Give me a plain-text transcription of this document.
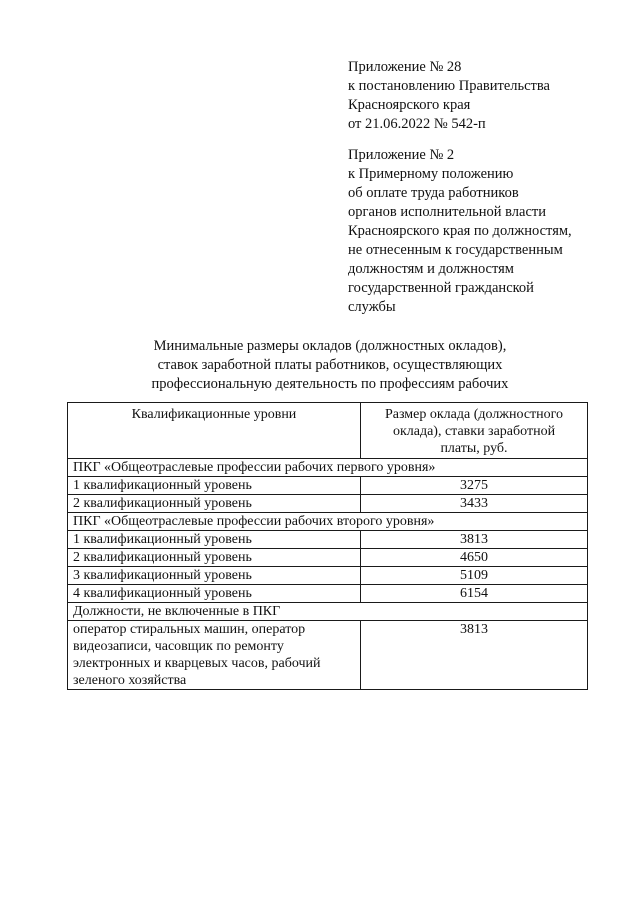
Приложение № 28
к постановлению Правительства
Красноярского края
от 21.06.2022 № 542-п
Приложение № 2
к Примерному положению
об оплате труда работников
органов исполнительной власти
Красноярского края по должностям,
не отнесенным к государственным
должностям и должностям
государственной гражданской
службы
Минимальные размеры окладов (должностных окладов),
ставок заработной платы работников, осуществляющих
профессиональную деятельность по профессиям рабочих
Квалификационные уровни	Размер оклада (должностного
оклада), ставки заработной
платы, руб.

ПКГ «Общеотраслевые профессии рабочих первого уровня»	
1 квалификационный уровень	3275
2 квалификационный уровень	3433
ПКГ «Общеотраслевые профессии рабочих второго уровня»	
1 квалификационный уровень	3813
2 квалификационный уровень	4650
3 квалификационный уровень	5109
4 квалификационный уровень	6154
Должности, не включенные в ПКГ	

оператор стиральных машин, оператор
видеозаписи, часовщик по ремонту
электронных и кварцевых часов, рабочий
зеленого хозяйства	3813
